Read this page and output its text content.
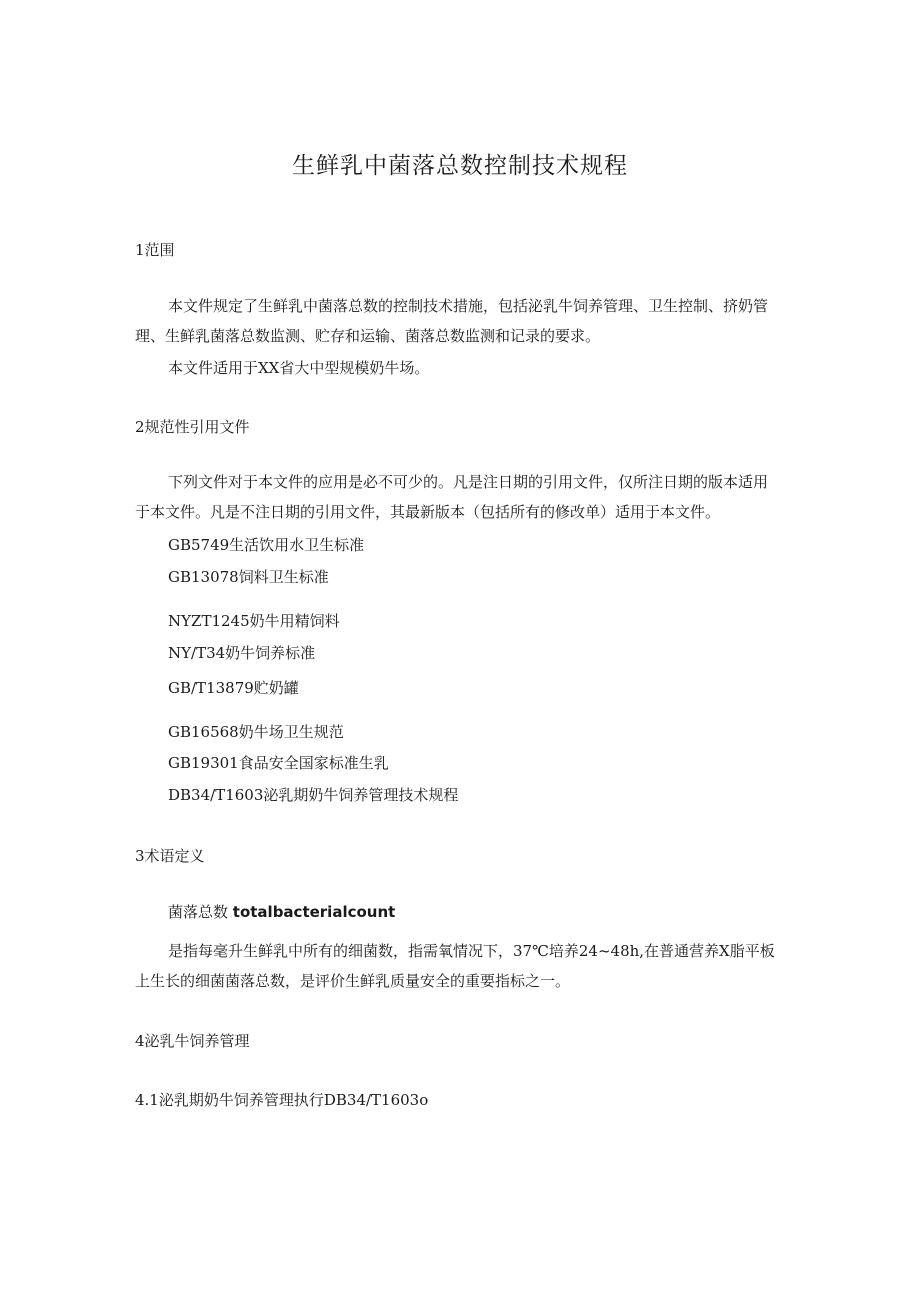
生鲜乳中菌落总数控制技术规程
1范围
本文件规定了生鲜乳中菌落总数的控制技术措施，包括泌乳牛饲养管理、卫生控制、挤奶管
理、生鲜乳菌落总数监测、贮存和运输、菌落总数监测和记录的要求。
本文件适用于XX省大中型规模奶牛场。
2规范性引用文件
下列文件对于本文件的应用是必不可少的。凡是注日期的引用文件，仅所注日期的版本适用
于本文件。凡是不注日期的引用文件，其最新版本（包括所有的修改单）适用于本文件。
GB5749生活饮用水卫生标准
GB13078饲料卫生标准
NYZT1245奶牛用精饲料
NY/T34奶牛饲养标准
GB/T13879贮奶罐
GB16568奶牛场卫生规范
GB19301食品安全国家标准生乳
DB34/T1603泌乳期奶牛饲养管理技术规程
3术语定义
菌落总数 totalbacterialcount
是指每毫升生鲜乳中所有的细菌数，指需氧情况下，37℃培养24~48h,在普通营养X脂平板
上生长的细菌菌落总数，是评价生鲜乳质量安全的重要指标之一。
4泌乳牛饲养管理
4.1泌乳期奶牛饲养管理执行DB34/T1603o
